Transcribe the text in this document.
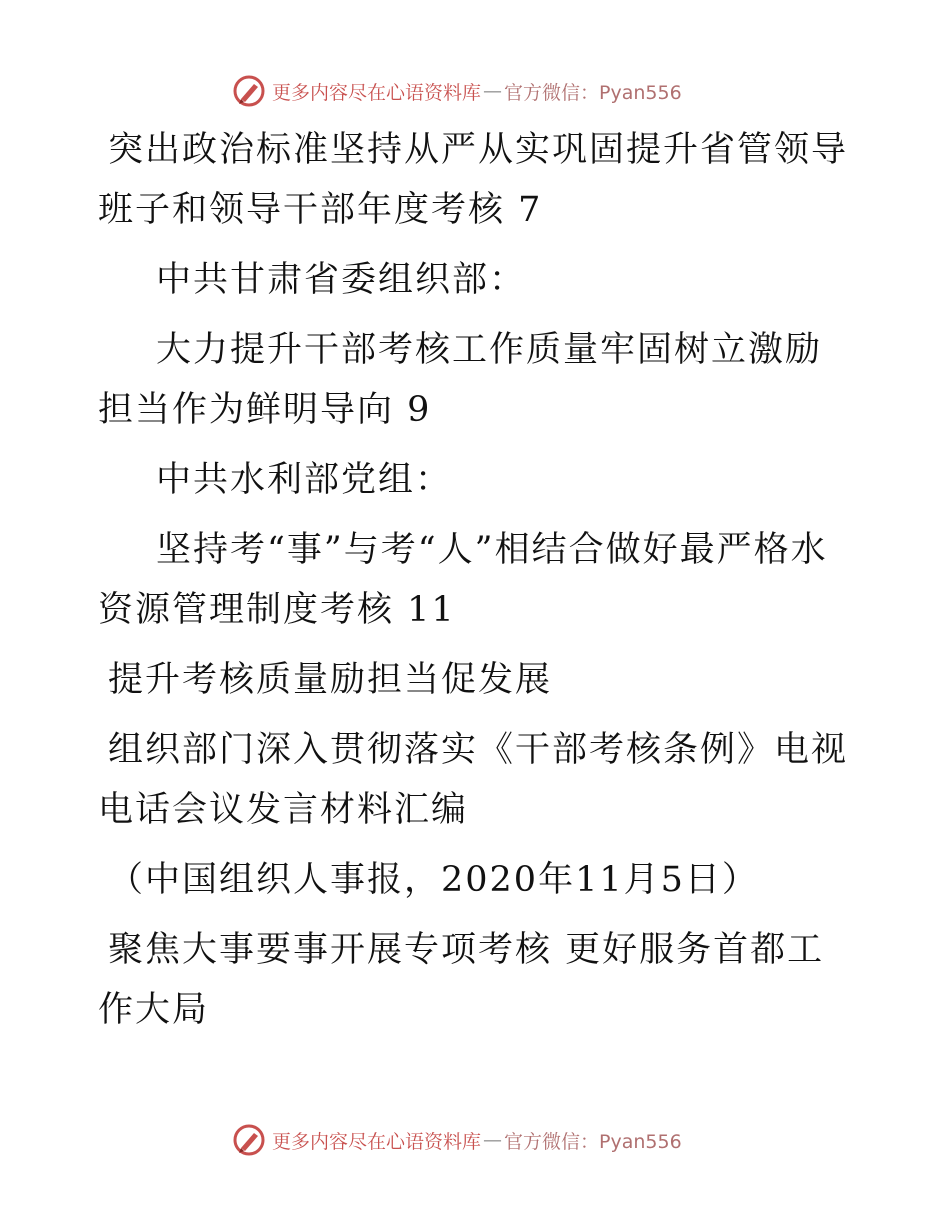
更多内容尽在心语资料库 — 官方微信：Pyan556

突出政治标准坚持从严从实巩固提升省管领导班子和领导干部年度考核 7

中共甘肃省委组织部：

大力提升干部考核工作质量牢固树立激励担当作为鲜明导向 9

中共水利部党组：

坚持考“事”与考“人”相结合做好最严格水资源管理制度考核 11

提升考核质量励担当促发展

组织部门深入贯彻落实《干部考核条例》电视电话会议发言材料汇编

（中国组织人事报，2020年11月5日）

聚焦大事要事开展专项考核 更好服务首都工作大局

更多内容尽在心语资料库 — 官方微信：Pyan556
